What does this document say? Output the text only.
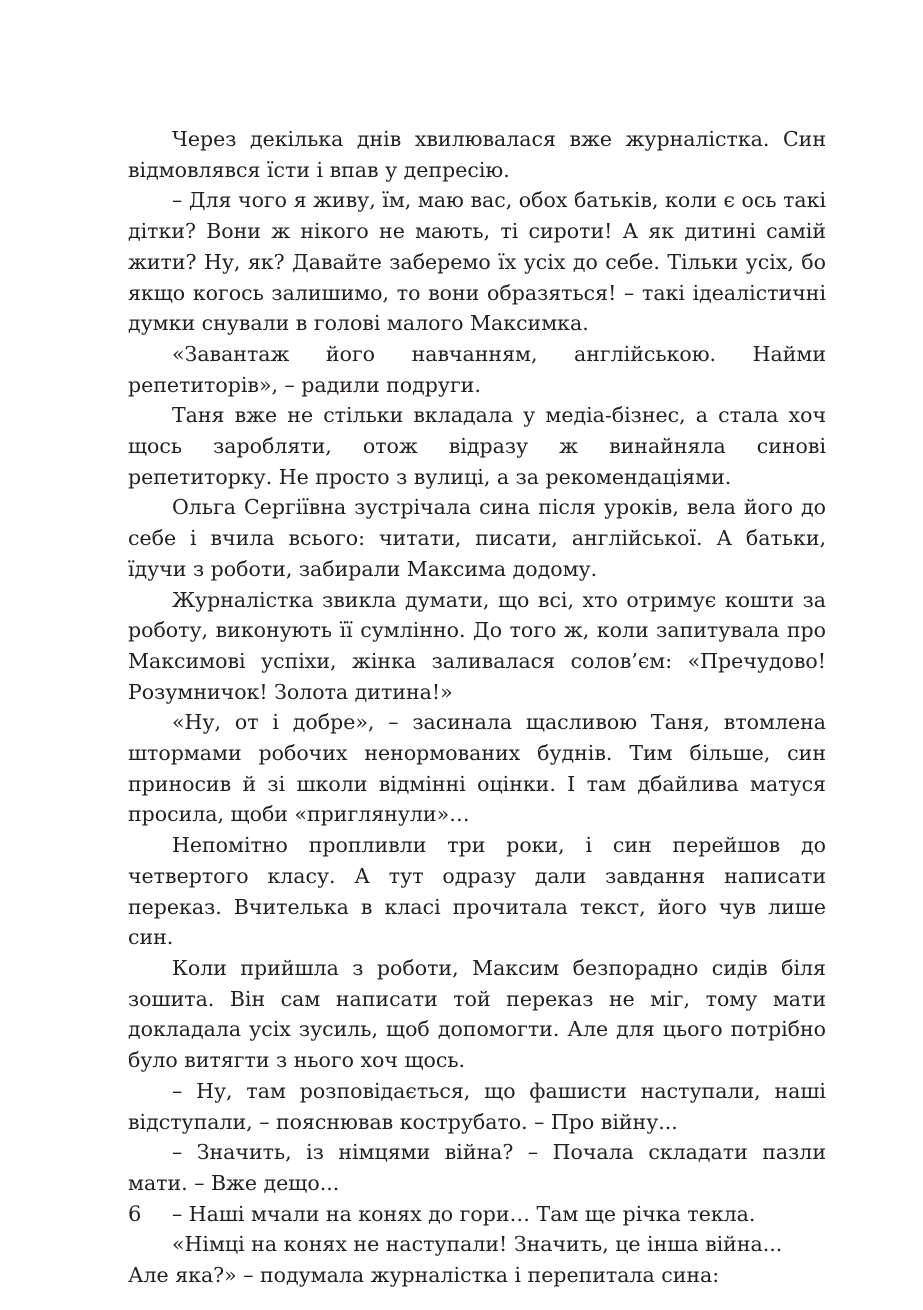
Через декілька днів хвилювалася вже журналістка. Син відмовлявся їсти і впав у депресію.

– Для чого я живу, їм, маю вас, обох батьків, коли є ось такі дітки? Вони ж нікого не мають, ті сироти! А як дитині самій жити? Ну, як? Давайте заберемо їх усіх до себе. Тільки усіх, бо якщо когось залишимо, то вони образяться! – такі ідеалістичні думки снували в голові малого Максимка.

«Завантаж його навчанням, англійською. Найми репетиторів», – радили подруги.

Таня вже не стільки вкладала у медіа-бізнес, а стала хоч щось заробляти, отож відразу ж винайняла синові репетиторку. Не просто з вулиці, а за рекомендаціями.

Ольга Сергіївна зустрічала сина після уроків, вела його до себе і вчила всього: читати, писати, англійської. А батьки, їдучи з роботи, забирали Максима додому.

Журналістка звикла думати, що всі, хто отримує кошти за роботу, виконують її сумлінно. До того ж, коли запитувала про Максимові успіхи, жінка заливалася солов’єм: «Пречудово! Розумничок! Золота дитина!»

«Ну, от і добре», – засинала щасливою Таня, втомлена штормами робочих ненормованих буднів. Тим більше, син приносив й зі школи відмінні оцінки. І там дбайлива матуся просила, щоби «приглянули»…

Непомітно пропливли три роки, і син перейшов до четвертого класу. А тут одразу дали завдання написати переказ. Вчителька в класі прочитала текст, його чув лише син.

Коли прийшла з роботи, Максим безпорадно сидів біля зошита. Він сам написати той переказ не міг, тому мати докладала усіх зусиль, щоб допомогти. Але для цього потрібно було витягти з нього хоч щось.

– Ну, там розповідається, що фашисти наступали, наші відступали, – пояснював кострубато. – Про війну...

– Значить, із німцями війна? – Почала складати пазли мати. – Вже дещо...

– Наші мчали на конях до гори… Там ще річка текла.

«Німці на конях не наступали! Значить, це інша війна... Але яка?» – подумала журналістка і перепитала сина:

6
